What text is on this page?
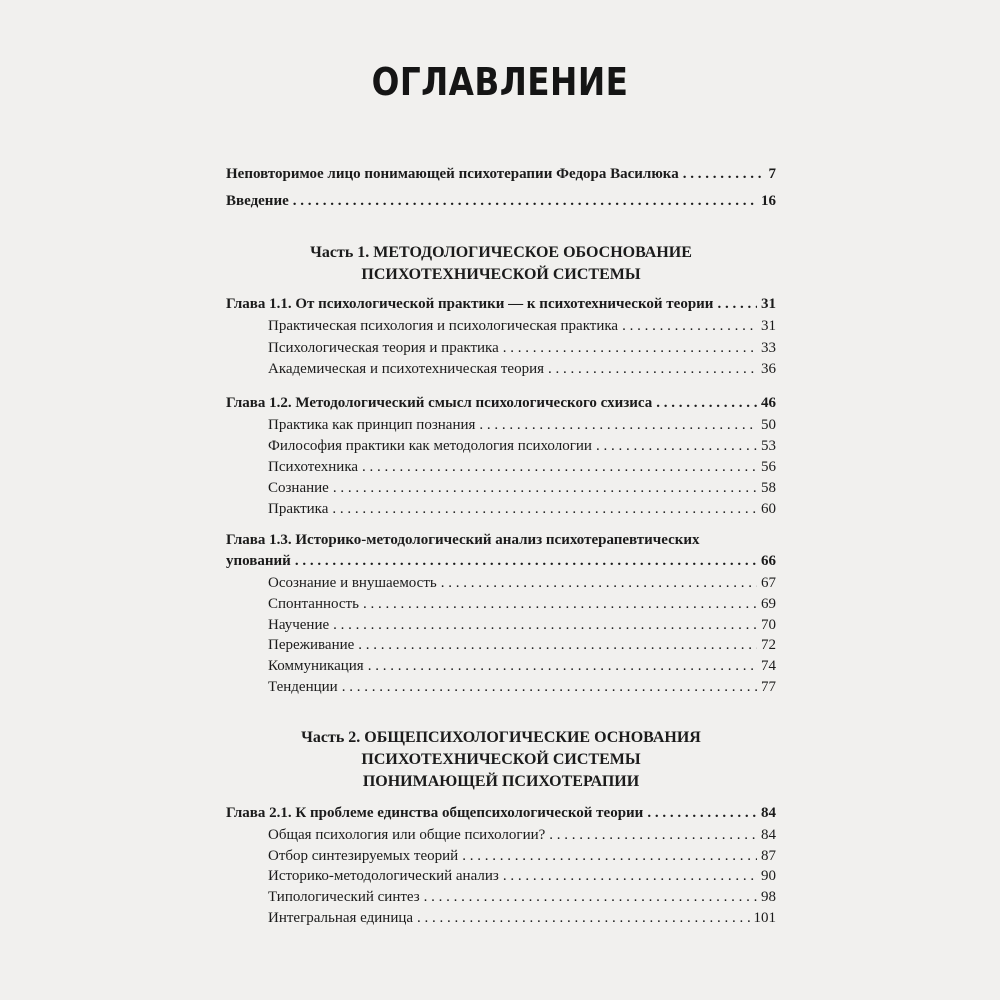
ОГЛАВЛЕНИЕ
Неповторимое лицо понимающей психотерапии Федора Василюка . . .	7
Введение . . .	16
Часть 1. МЕТОДОЛОГИЧЕСКОЕ ОБОСНОВАНИЕ
ПСИХОТЕХНИЧЕСКОЙ СИСТЕМЫ
Глава 1.1. От психологической практики — к психотехнической теории . . .	31
Практическая психология и психологическая практика . . .	31
Психологическая теория и практика . . .	33
Академическая и психотехническая теория . . .	36
Глава 1.2. Методологический смысл психологического схизиса . . .	46
Практика как принцип познания . . .	50
Философия практики как методология психологии . . .	53
Психотехника . . .	56
Сознание . . .	58
Практика . . .	60
Глава 1.3. Историко-методологический анализ психотерапевтических
упований . . .	66
Осознание и внушаемость . . .	67
Спонтанность . . .	69
Научение . . .	70
Переживание . . .	72
Коммуникация . . .	74
Тенденции . . .	77
Часть 2. ОБЩЕПСИХОЛОГИЧЕСКИЕ ОСНОВАНИЯ
ПСИХОТЕХНИЧЕСКОЙ СИСТЕМЫ
ПОНИМАЮЩЕЙ ПСИХОТЕРАПИИ
Глава 2.1. К проблеме единства общепсихологической теории . . .	84
Общая психология или общие психологии? . . .	84
Отбор синтезируемых теорий . . .	87
Историко-методологический анализ . . .	90
Типологический синтез . . .	98
Интегральная единица . . .	101
